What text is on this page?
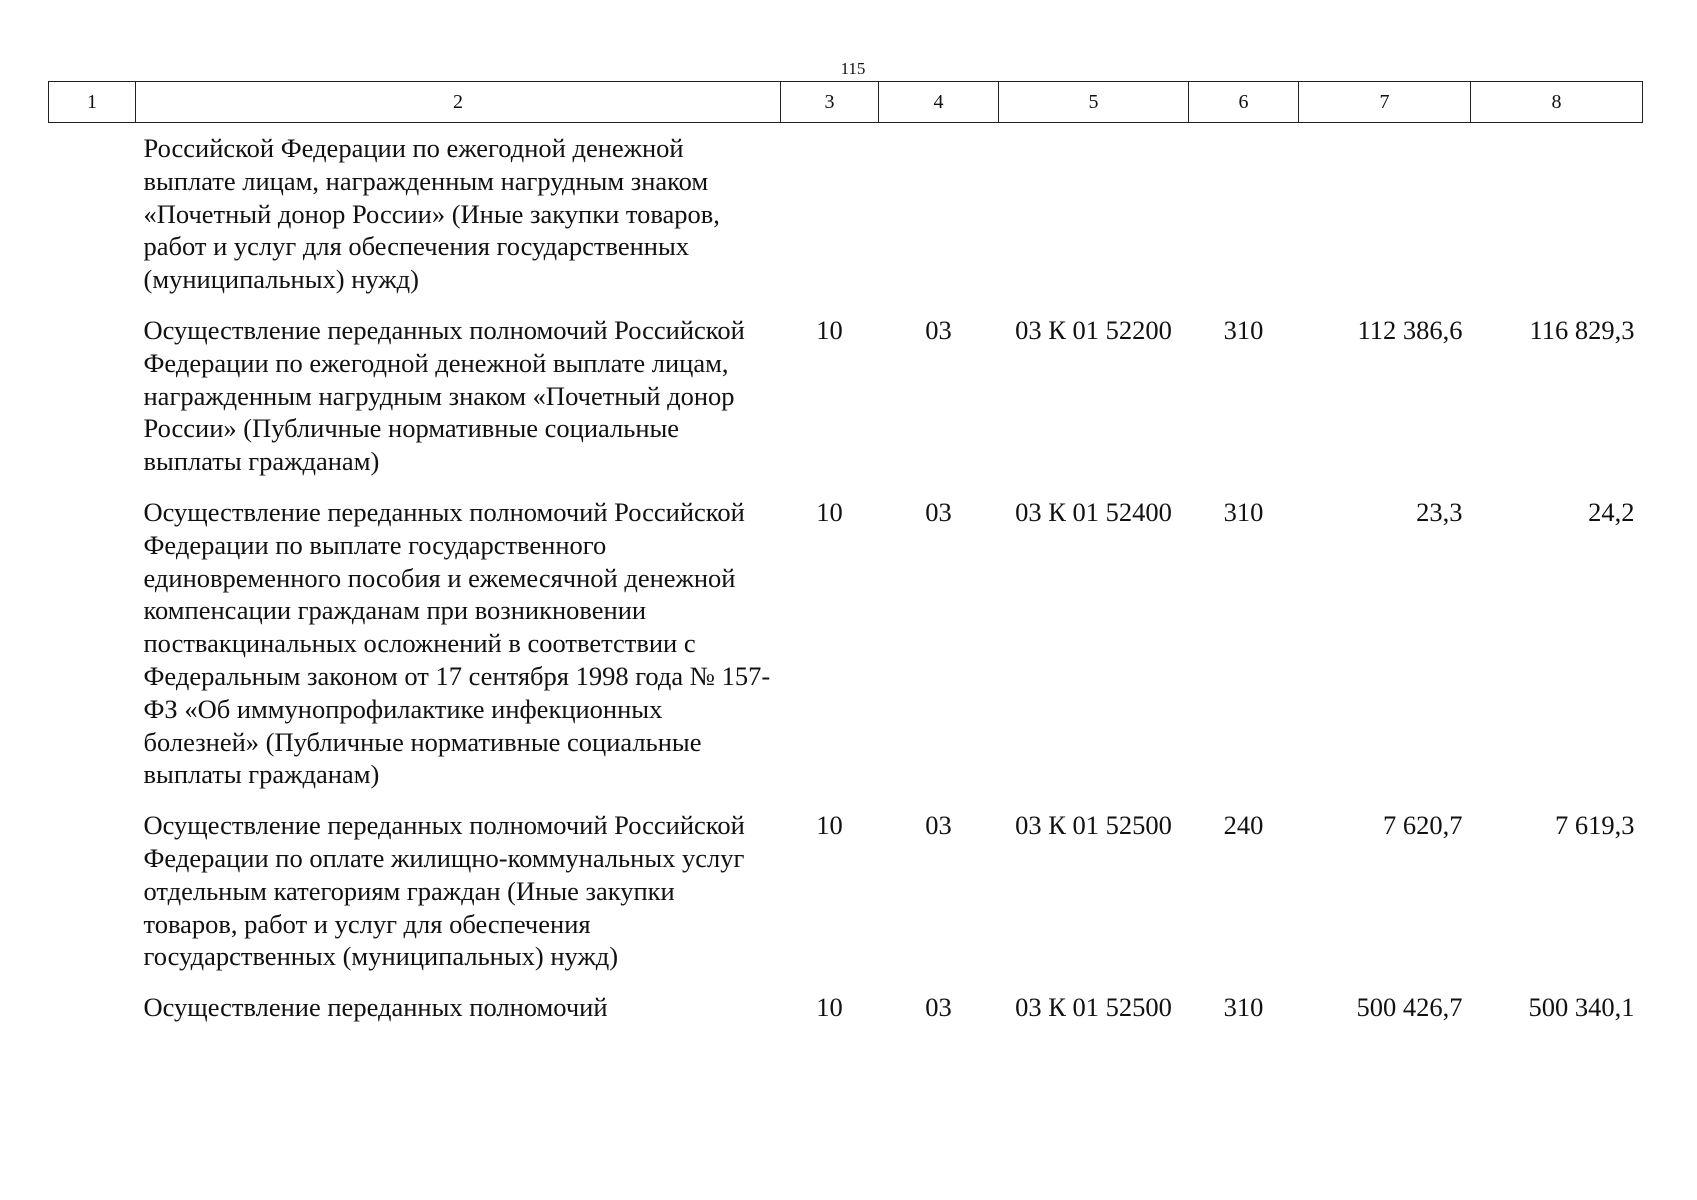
115
1	2	3	4	5	6	7	8
	Российской Федерации по ежегодной денежной выплате лицам, награжденным нагрудным знаком «Почетный донор России» (Иные закупки товаров, работ и услуг для обеспечения государственных (муниципальных) нужд)						
	Осуществление переданных полномочий Российской Федерации по ежегодной денежной выплате лицам, награжденным нагрудным знаком «Почетный донор России» (Публичные нормативные социальные выплаты гражданам)	10	03	03 К 01 52200	310	112 386,6	116 829,3
	Осуществление переданных полномочий Российской Федерации по выплате государственного единовременного пособия и ежемесячной денежной компенсации гражданам при возникновении поствакцинальных осложнений в соответствии с Федеральным законом от 17 сентября 1998 года № 157-ФЗ «Об иммунопрофилактике инфекционных болезней» (Публичные нормативные социальные выплаты гражданам)	10	03	03 К 01 52400	310	23,3	24,2
	Осуществление переданных полномочий Российской Федерации по оплате жилищно-коммунальных услуг отдельным категориям граждан (Иные закупки товаров, работ и услуг для обеспечения государственных (муниципальных) нужд)	10	03	03 К 01 52500	240	7 620,7	7 619,3
	Осуществление переданных полномочий	10	03	03 К 01 52500	310	500 426,7	500 340,1
